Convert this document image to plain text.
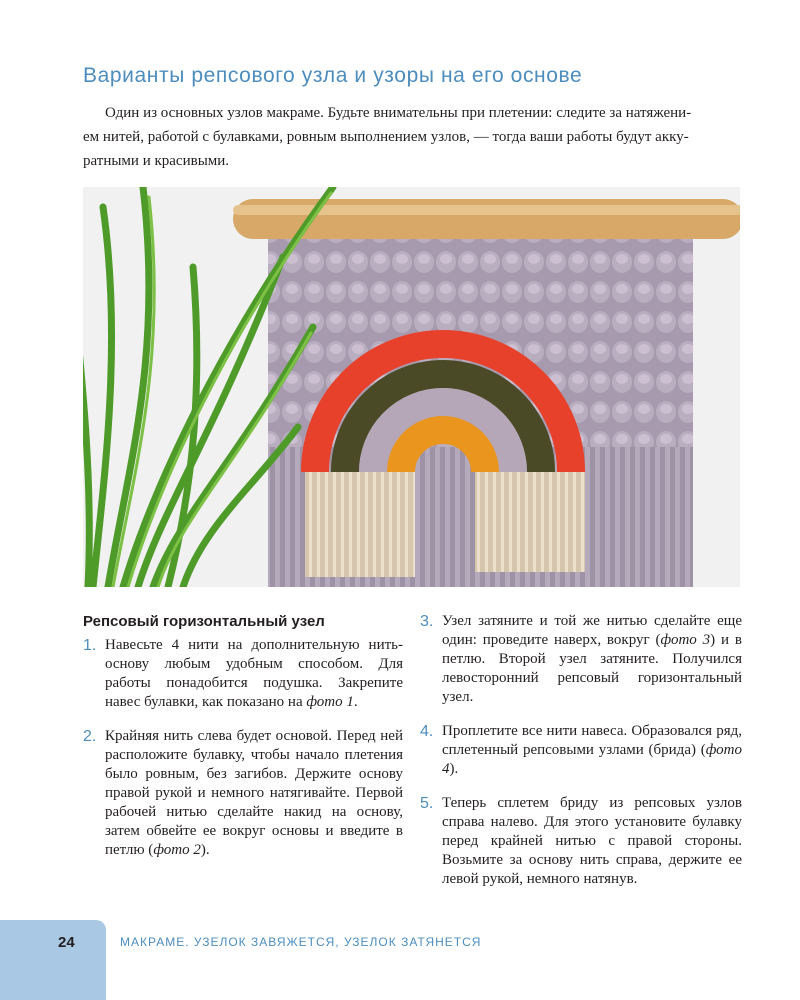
Варианты репсового узла и узоры на его основе
Один из основных узлов макраме. Будьте внимательны при плетении: следите за натяжени-
ем нитей, работой с булавками, ровным выполнением узлов, — тогда ваши работы будут акку-
ратными и красивыми.
Репсовый горизонтальный узел
1. Навесьте 4 нити на дополнительную нить-основу любым удобным способом. Для работы понадобится подушка. Закрепите навес булавки, как показано на фото 1.
2. Крайняя нить слева будет основой. Перед ней расположите булавку, чтобы начало плетения было ровным, без загибов. Держите основу правой рукой и немного натягивайте. Первой рабочей нитью сделайте накид на основу, затем обвейте ее вокруг основы и введите в петлю (фото 2).
3. Узел затяните и той же нитью сделайте еще один: проведите наверх, вокруг (фото 3) и в петлю. Второй узел затяните. Получился левосторонний репсовый горизонтальный узел.
4. Проплетите все нити навеса. Образовался ряд, сплетенный репсовыми узлами (брида) (фото 4).
5. Теперь сплетем бриду из репсовых узлов справа налево. Для этого установите булавку перед крайней нитью с правой стороны. Возьмите за основу нить справа, держите ее левой рукой, немного натянув.
24	МАКРАМЕ. УЗЕЛОК ЗАВЯЖЕТСЯ, УЗЕЛОК ЗАТЯНЕТСЯ
